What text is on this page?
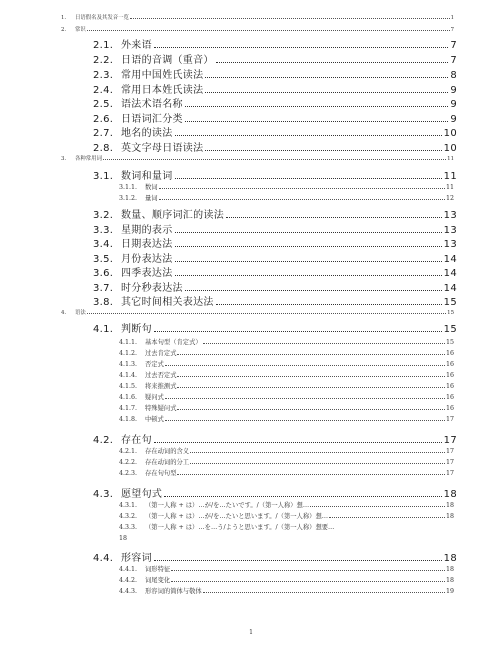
1.	日语假名及其发音一览	1
2.	常识	7
2.1. 外来语	7
2.2. 日语的音调（重音）	7
2.3. 常用中国姓氏读法	8
2.4. 常用日本姓氏读法	9
2.5. 语法术语名称	9
2.6. 日语词汇分类	9
2.7. 地名的读法	10
2.8. 英文字母日语读法	10
3.	各种常用词	11
3.1. 数词和量词	11
3.1.1.	数词	11
3.1.2.	量词	12
3.2. 数量、顺序词汇的读法	13
3.3. 星期的表示	13
3.4. 日期表达法	13
3.5. 月份表达法	14
3.6. 四季表达法	14
3.7. 时分秒表达法	14
3.8. 其它时间相关表达法	15
4.	语法	15
4.1. 判断句	15
4.1.1.	基本句型（肯定式）	15
4.1.2.	过去肯定式	16
4.1.3.	否定式	16
4.1.4.	过去否定式	16
4.1.5.	将来推测式	16
4.1.6.	疑问式	16
4.1.7.	特殊疑问式	16
4.1.8.	中顿式	17
4.2. 存在句	17
4.2.1.	存在动词的含义	17
4.2.2.	存在动词的分工	17
4.2.3.	存在句句型	17
4.3. 愿望句式	18
4.3.1.	（第一人称 + は）…が/を…たいです。/（第一人称）想…	18
4.3.2.	（第一人称 + は）…が/を…たいと思います。/（第一人称）想…	18
4.3.3. （第一人称 + は）…を…う/ようと思います。/（第一人称）想要…
18
4.4. 形容词	18
4.4.1.	词形特征	18
4.4.2.	词尾变化	18
4.4.3.	形容词的简体与敬体	19
1
